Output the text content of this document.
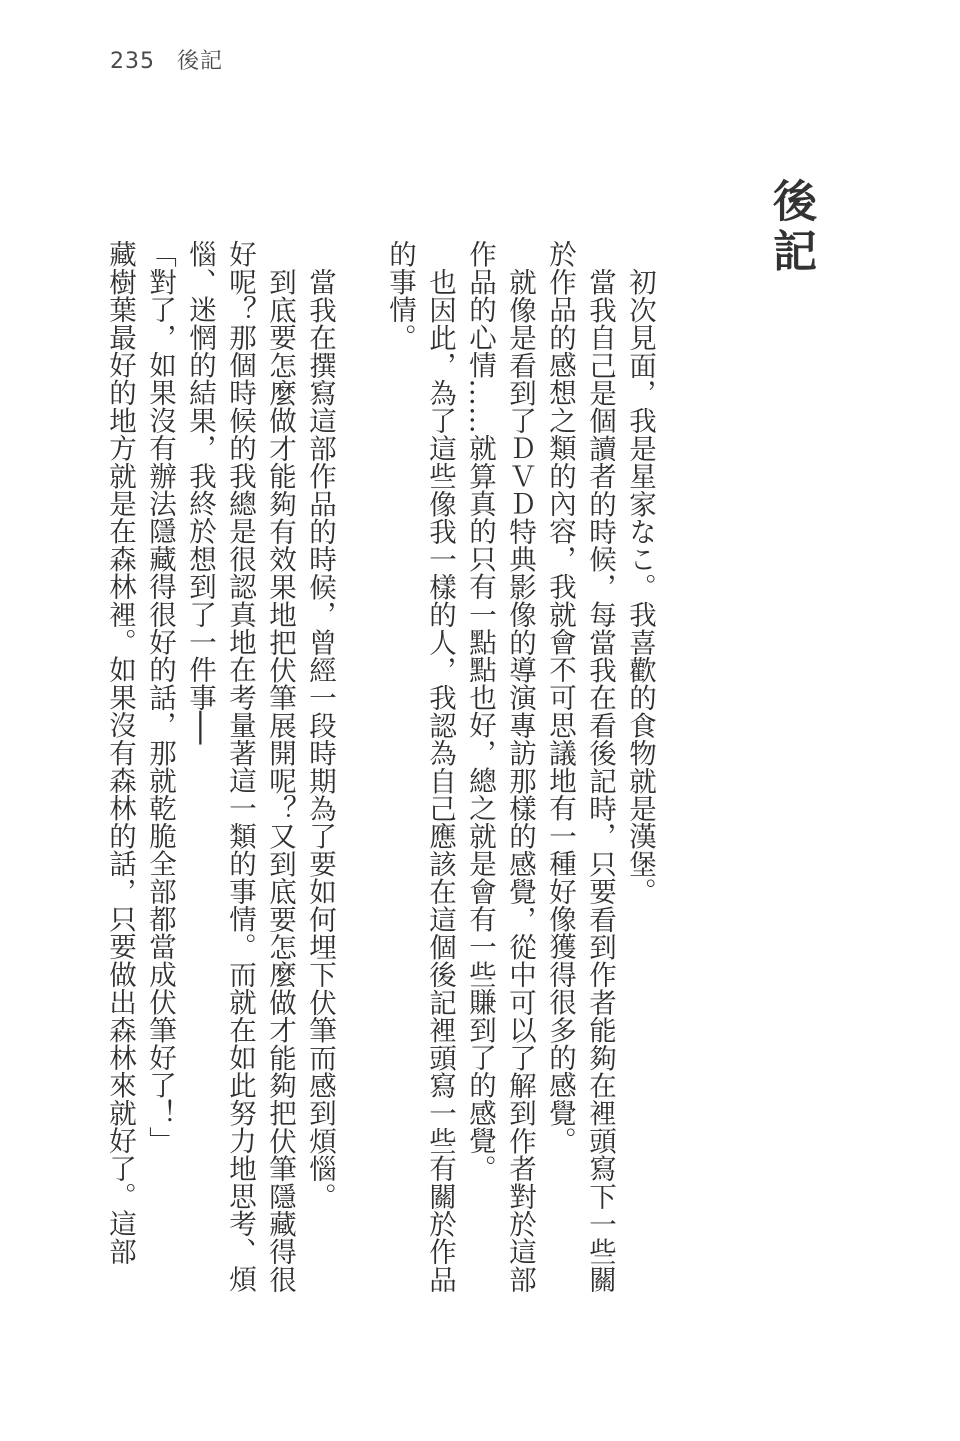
235 後記
後記

初次見面，我是星家なこ。我喜歡的食物就是漢堡。

當我自己是個讀者的時候，每當我在看後記時，只要看到作者能夠在裡頭寫下一些關於作品的感想之類的內容，我就會不可思議地有一種好像獲得很多的感覺。

就像是看到了ＤＶＤ特典影像的導演專訪那樣的感覺，從中可以了解到作者對於這部作品的心情……就算真的只有一點點也好，總之就是會有一些賺到了的感覺。

也因此，為了這些像我一樣的人，我認為自己應該在這個後記裡頭寫一些有關於作品的事情。

當我在撰寫這部作品的時候，曾經一段時期為了要如何埋下伏筆而感到煩惱。

到底要怎麼做才能夠有效果地把伏筆展開呢？又到底要怎麼做才能夠把伏筆隱藏得很好呢？那個時候的我總是很認真地在考量著這一類的事情。而就在如此努力地思考、煩惱、迷惘的結果，我終於想到了一件事──

「對了，如果沒有辦法隱藏得很好的話，那就乾脆全部都當成伏筆好了！」

藏樹葉最好的地方就是在森林裡。如果沒有森林的話，只要做出森林來就好了。這部
